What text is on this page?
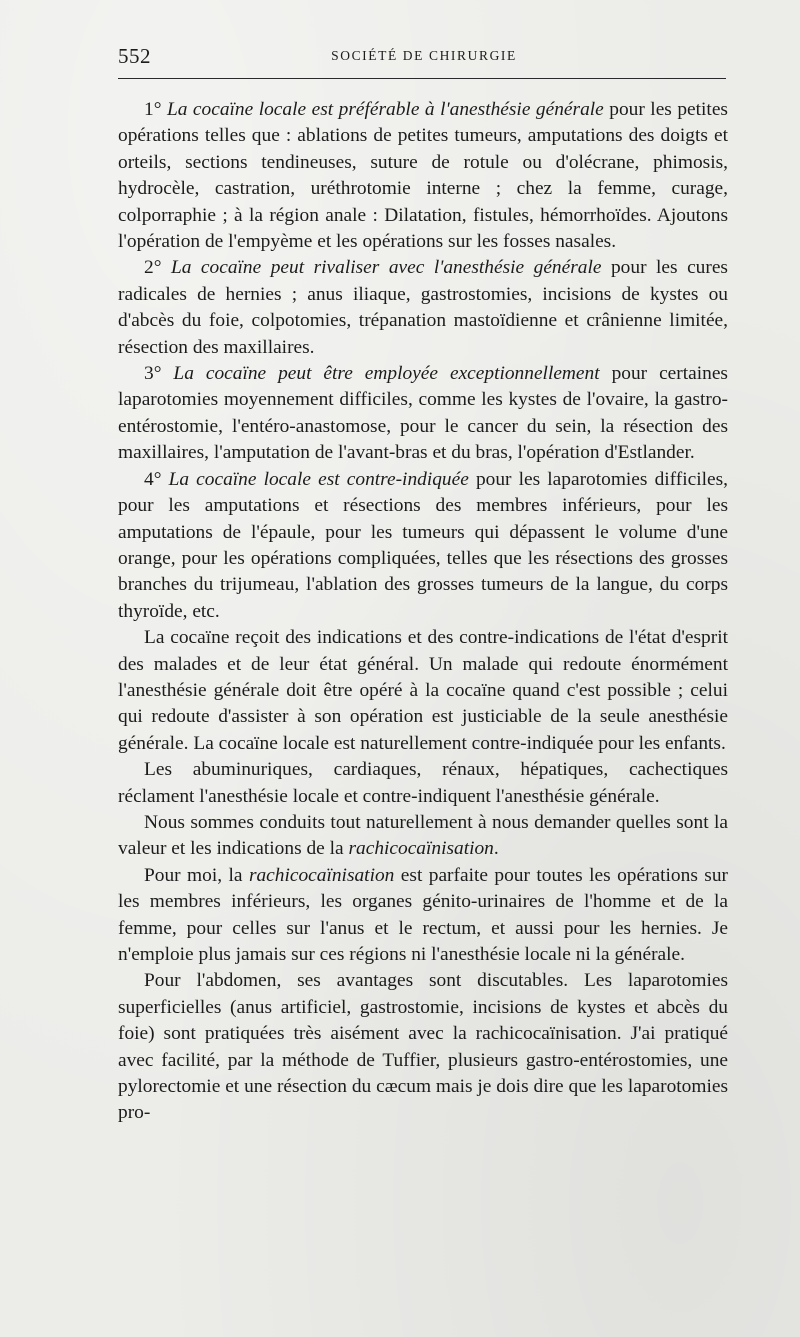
552	SOCIÉTÉ DE CHIRURGIE

1° La cocaïne locale est préférable à l'anesthésie générale pour les petites opérations telles que : ablations de petites tumeurs, amputations des doigts et orteils, sections tendineuses, suture de rotule ou d'olécrane, phimosis, hydrocèle, castration, uréthrotomie interne ; chez la femme, curage, colporraphie ; à la région anale : Dilatation, fistules, hémorrhoïdes. Ajoutons l'opération de l'empyème et les opérations sur les fosses nasales.

2° La cocaïne peut rivaliser avec l'anesthésie générale pour les cures radicales de hernies ; anus iliaque, gastrostomies, incisions de kystes ou d'abcès du foie, colpotomies, trépanation mastoïdienne et crânienne limitée, résection des maxillaires.

3° La cocaïne peut être employée exceptionnellement pour certaines laparotomies moyennement difficiles, comme les kystes de l'ovaire, la gastro-entérostomie, l'entéro-anastomose, pour le cancer du sein, la résection des maxillaires, l'amputation de l'avant-bras et du bras, l'opération d'Estlander.

4° La cocaïne locale est contre-indiquée pour les laparotomies difficiles, pour les amputations et résections des membres inférieurs, pour les amputations de l'épaule, pour les tumeurs qui dépassent le volume d'une orange, pour les opérations compliquées, telles que les résections des grosses branches du trijumeau, l'ablation des grosses tumeurs de la langue, du corps thyroïde, etc.

La cocaïne reçoit des indications et des contre-indications de l'état d'esprit des malades et de leur état général. Un malade qui redoute énormément l'anesthésie générale doit être opéré à la cocaïne quand c'est possible ; celui qui redoute d'assister à son opération est justiciable de la seule anesthésie générale. La cocaïne locale est naturellement contre-indiquée pour les enfants.

Les abuminuriques, cardiaques, rénaux, hépatiques, cachectiques réclament l'anesthésie locale et contre-indiquent l'anesthésie générale.

Nous sommes conduits tout naturellement à nous demander quelles sont la valeur et les indications de la rachicocaïnisation.

Pour moi, la rachicocaïnisation est parfaite pour toutes les opérations sur les membres inférieurs, les organes génito-urinaires de l'homme et de la femme, pour celles sur l'anus et le rectum, et aussi pour les hernies. Je n'emploie plus jamais sur ces régions ni l'anesthésie locale ni la générale.

Pour l'abdomen, ses avantages sont discutables. Les laparotomies superficielles (anus artificiel, gastrostomie, incisions de kystes et abcès du foie) sont pratiquées très aisément avec la rachicocaïnisation. J'ai pratiqué avec facilité, par la méthode de Tuffier, plusieurs gastro-entérostomies, une pylorectomie et une résection du cæcum mais je dois dire que les laparotomies pro-
